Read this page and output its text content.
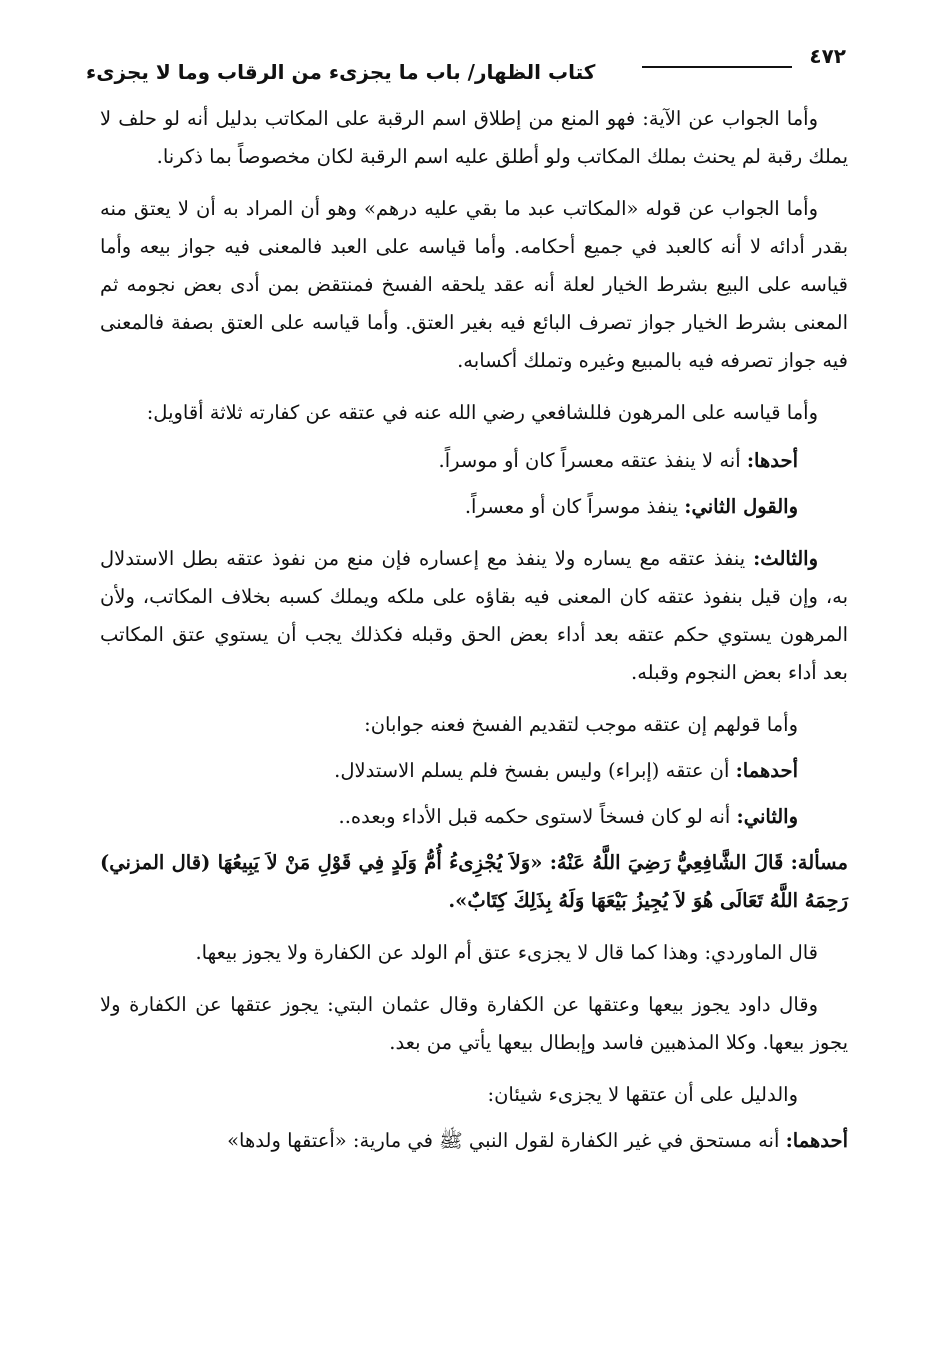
٤٧٢
كتاب الظهار/ باب ما يجزىء من الرقاب وما لا يجزىء

وأما الجواب عن الآية: فهو المنع من إطلاق اسم الرقبة على المكاتب بدليل أنه لو حلف لا يملك رقبة لم يحنث بملك المكاتب ولو أطلق عليه اسم الرقبة لكان مخصوصاً بما ذكرنا.

وأما الجواب عن قوله «المكاتب عبد ما بقي عليه درهم» وهو أن المراد به أن لا يعتق منه بقدر أدائه لا أنه كالعبد في جميع أحكامه. وأما قياسه على العبد فالمعنى فيه جواز بيعه وأما قياسه على البيع بشرط الخيار لعلة أنه عقد يلحقه الفسخ فمنتقض بمن أدى بعض نجومه ثم المعنى بشرط الخيار جواز تصرف البائع فيه بغير العتق. وأما قياسه على العتق بصفة فالمعنى فيه جواز تصرفه فيه بالمبيع وغيره وتملك أكسابه.

وأما قياسه على المرهون فللشافعي رضي الله عنه في عتقه عن كفارته ثلاثة أقاويل:

أحدها: أنه لا ينفذ عتقه معسراً كان أو موسراً.

والقول الثاني: ينفذ موسراً كان أو معسراً.

والثالث: ينفذ عتقه مع يساره ولا ينفذ مع إعساره فإن منع من نفوذ عتقه بطل الاستدلال به، وإن قيل بنفوذ عتقه كان المعنى فيه بقاؤه على ملكه ويملك كسبه بخلاف المكاتب، ولأن المرهون يستوي حكم عتقه بعد أداء بعض الحق وقبله فكذلك يجب أن يستوي عتق المكاتب بعد أداء بعض النجوم وقبله.

وأما قولهم إن عتقه موجب لتقديم الفسخ فعنه جوابان:

أحدهما: أن عتقه (إبراء) وليس بفسخ فلم يسلم الاستدلال.

والثاني: أنه لو كان فسخاً لاستوى حكمه قبل الأداء وبعده..

مسألة: قَالَ الشَّافِعِيُّ رَضِيَ اللَّهُ عَنْهُ: «وَلاَ يُجْزِىءُ أُمُّ وَلَدٍ فِي قَوْلِ مَنْ لاَ يَبِيعُهَا (قال المزني) رَحِمَهُ اللَّهُ تَعَالَى هُوَ لاَ يُجِيزُ بَيْعَهَا وَلَهُ بِذَلِكَ كِتَابٌ».

قال الماوردي: وهذا كما قال لا يجزىء عتق أم الولد عن الكفارة ولا يجوز بيعها.

وقال داود يجوز بيعها وعتقها عن الكفارة وقال عثمان البتي: يجوز عتقها عن الكفارة ولا يجوز بيعها. وكلا المذهبين فاسد وإبطال بيعها يأتي من بعد.

والدليل على أن عتقها لا يجزىء شيئان:

أحدهما: أنه مستحق في غير الكفارة لقول النبي ﷺ في مارية: «أعتقها ولدها»
